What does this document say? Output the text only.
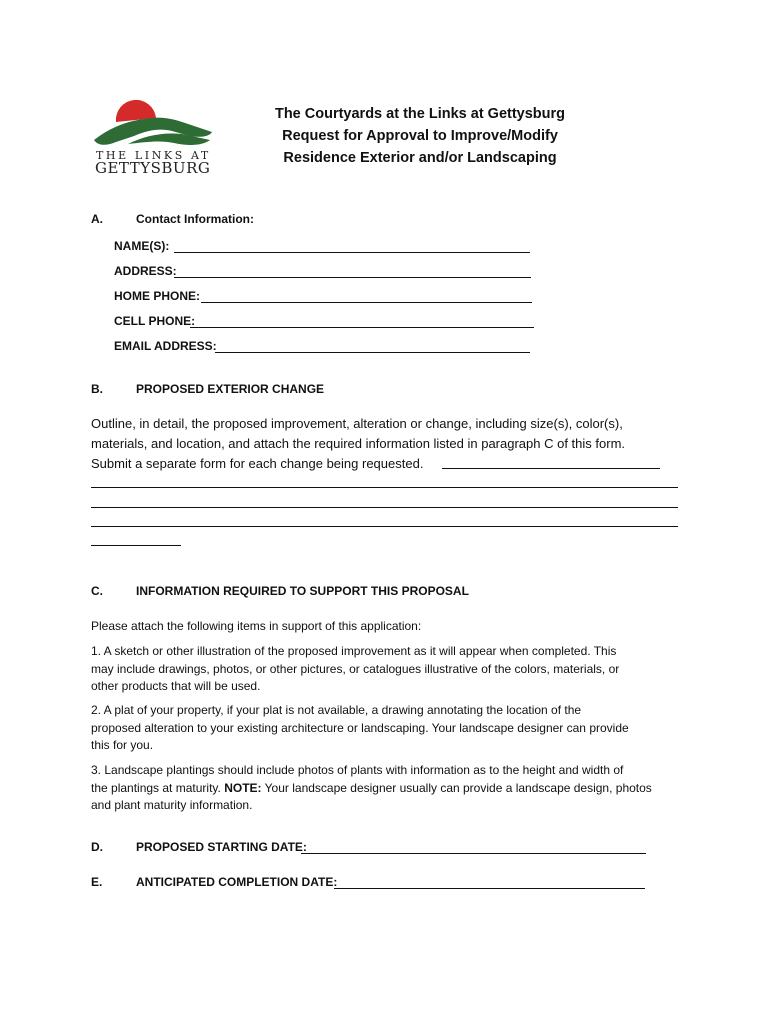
THE LINKS AT
GETTYSBURG
The Courtyards at the Links at Gettysburg
Request for Approval to Improve/Modify
Residence Exterior and/or Landscaping
A.	Contact Information:
NAME(S):
ADDRESS:
HOME PHONE:
CELL PHONE:
EMAIL ADDRESS:
B.	PROPOSED EXTERIOR CHANGE
Outline, in detail, the proposed improvement, alteration or change, including size(s), color(s),
materials, and location, and attach the required information listed in paragraph C of this form.
Submit a separate form for each change being requested.
C.	INFORMATION REQUIRED TO SUPPORT THIS PROPOSAL
Please attach the following items in support of this application:
1. A sketch or other illustration of the proposed improvement as it will appear when completed. This
may include drawings, photos, or other pictures, or catalogues illustrative of the colors, materials, or
other products that will be used.
2. A plat of your property, if your plat is not available, a drawing annotating the location of the
proposed alteration to your existing architecture or landscaping. Your landscape designer can provide
this for you.
3. Landscape plantings should include photos of plants with information as to the height and width of
the plantings at maturity. NOTE: Your landscape designer usually can provide a landscape design, photos
and plant maturity information.
D.	PROPOSED STARTING DATE:
E.	ANTICIPATED COMPLETION DATE:
